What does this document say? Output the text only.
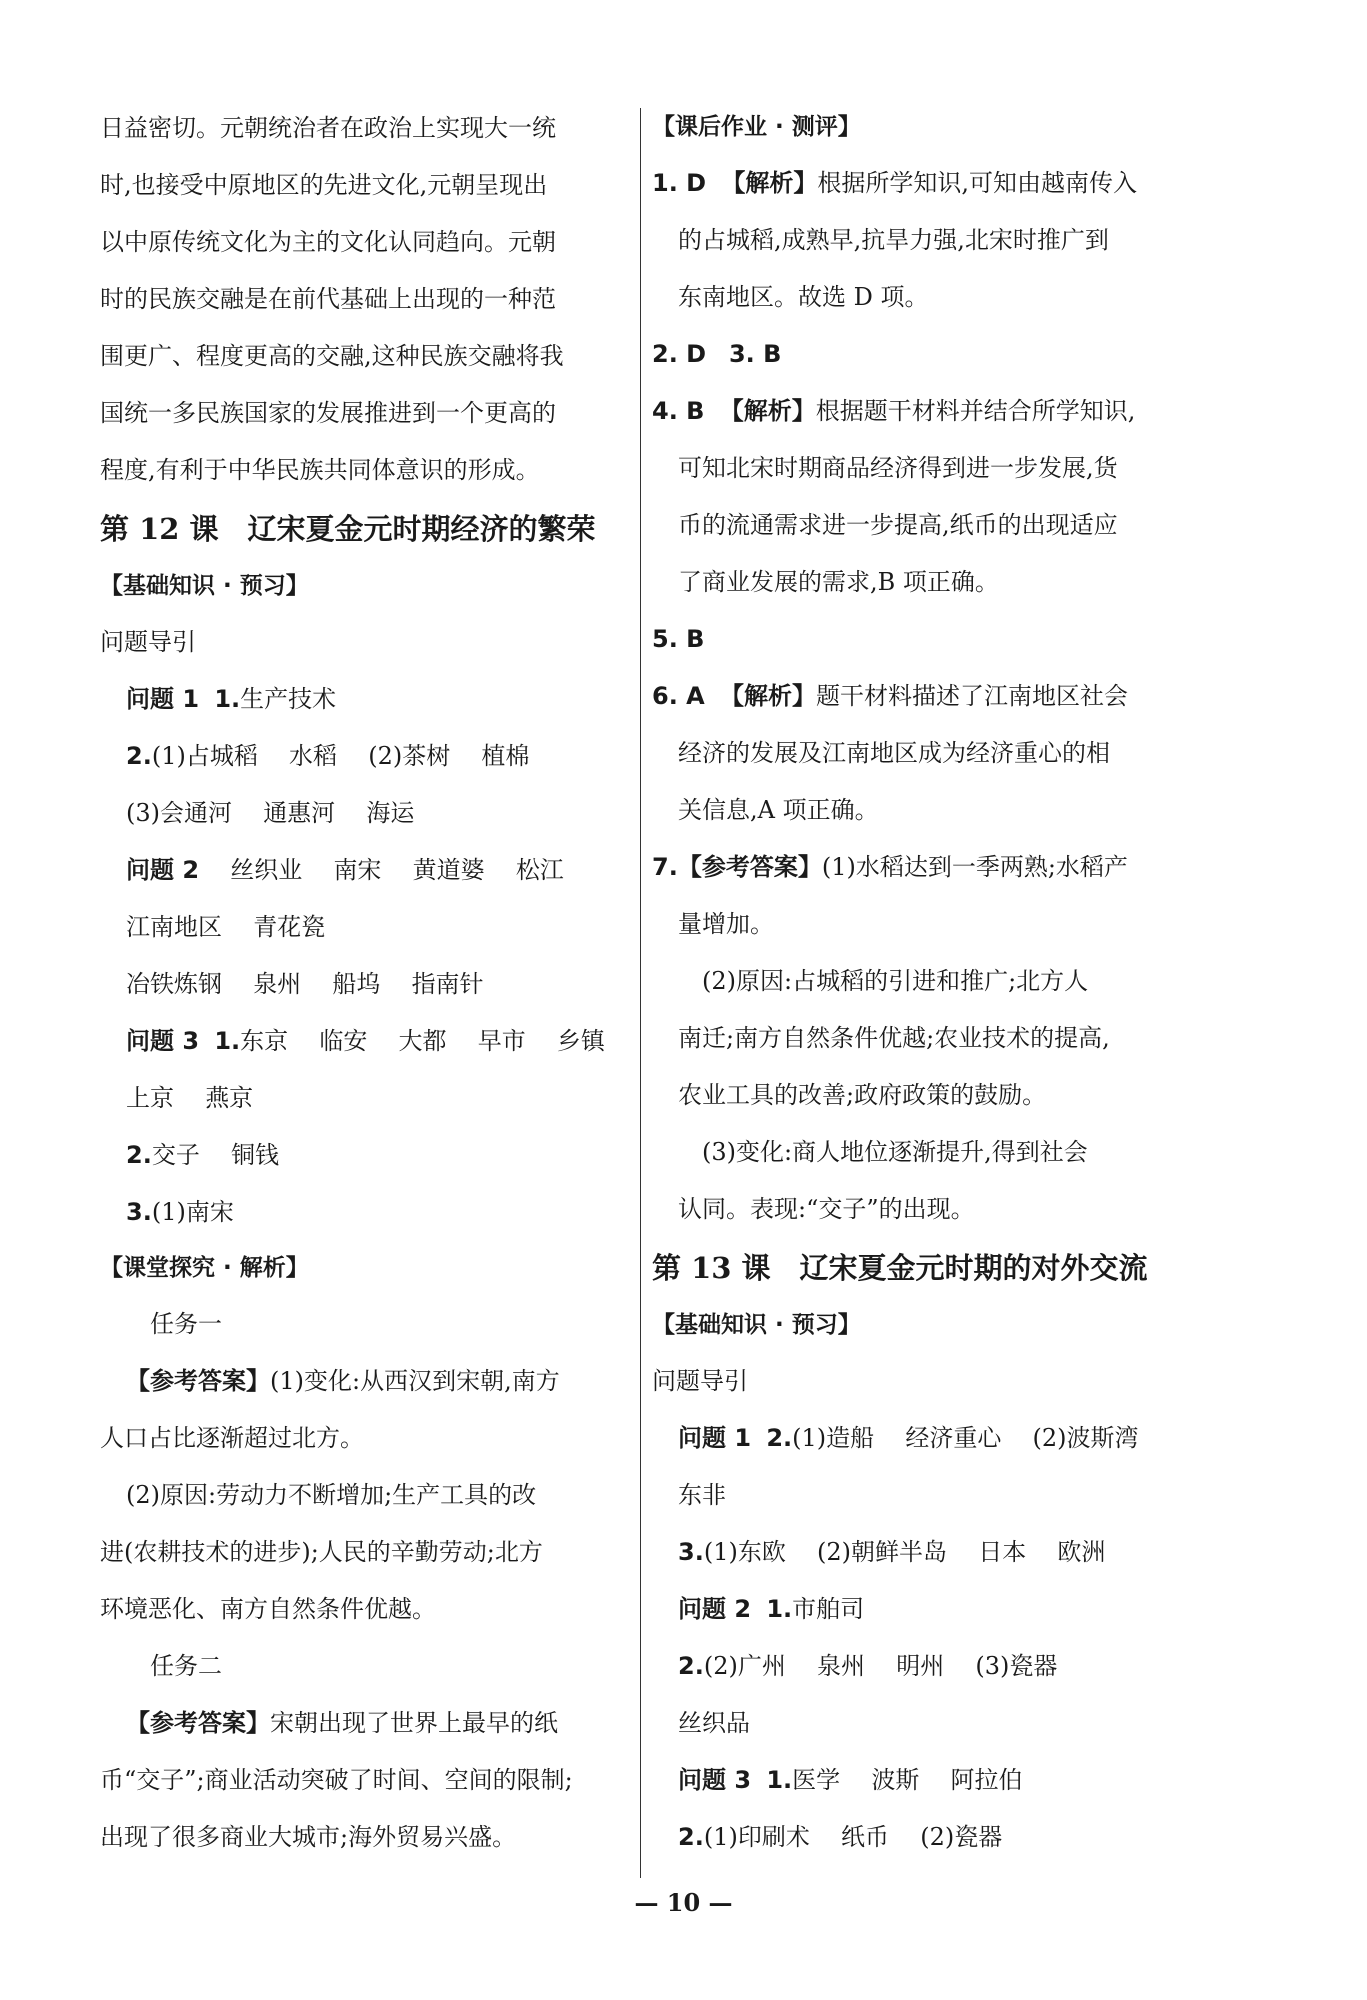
日益密切。元朝统治者在政治上实现大一统
时,也接受中原地区的先进文化,元朝呈现出
以中原传统文化为主的文化认同趋向。元朝
时的民族交融是在前代基础上出现的一种范
围更广、程度更高的交融,这种民族交融将我
国统一多民族国家的发展推进到一个更高的
程度,有利于中华民族共同体意识的形成。
第 12 课　辽宋夏金元时期经济的繁荣
【基础知识 · 预习】
问题导引
问题 1 1.生产技术
2.(1)占城稻 水稻 (2)茶树 植棉
(3)会通河 通惠河 海运
问题 2 丝织业 南宋 黄道婆 松江
江南地区 青花瓷
冶铁炼钢 泉州 船坞 指南针
问题 3 1.东京 临安 大都 早市 乡镇
上京 燕京
2.交子 铜钱
3.(1)南宋
【课堂探究 · 解析】
任务一
【参考答案】(1)变化:从西汉到宋朝,南方
人口占比逐渐超过北方。
(2)原因:劳动力不断增加;生产工具的改
进(农耕技术的进步);人民的辛勤劳动;北方
环境恶化、南方自然条件优越。
任务二
【参考答案】宋朝出现了世界上最早的纸
币“交子”;商业活动突破了时间、空间的限制;
出现了很多商业大城市;海外贸易兴盛。
【课后作业 · 测评】
1. D 【解析】根据所学知识,可知由越南传入
的占城稻,成熟早,抗旱力强,北宋时推广到
东南地区。故选 D 项。
2. D 3. B
4. B 【解析】根据题干材料并结合所学知识,
可知北宋时期商品经济得到进一步发展,货
币的流通需求进一步提高,纸币的出现适应
了商业发展的需求,B 项正确。
5. B
6. A 【解析】题干材料描述了江南地区社会
经济的发展及江南地区成为经济重心的相
关信息,A 项正确。
7.【参考答案】(1)水稻达到一季两熟;水稻产
量增加。
(2)原因:占城稻的引进和推广;北方人
南迁;南方自然条件优越;农业技术的提高,
农业工具的改善;政府政策的鼓励。
(3)变化:商人地位逐渐提升,得到社会
认同。表现:“交子”的出现。
第 13 课　辽宋夏金元时期的对外交流
【基础知识 · 预习】
问题导引
问题 1 2.(1)造船 经济重心 (2)波斯湾
东非
3.(1)东欧 (2)朝鲜半岛 日本 欧洲
问题 2 1.市舶司
2.(2)广州 泉州 明州 (3)瓷器
丝织品
问题 3 1.医学 波斯 阿拉伯
2.(1)印刷术 纸币 (2)瓷器
— 10 —
